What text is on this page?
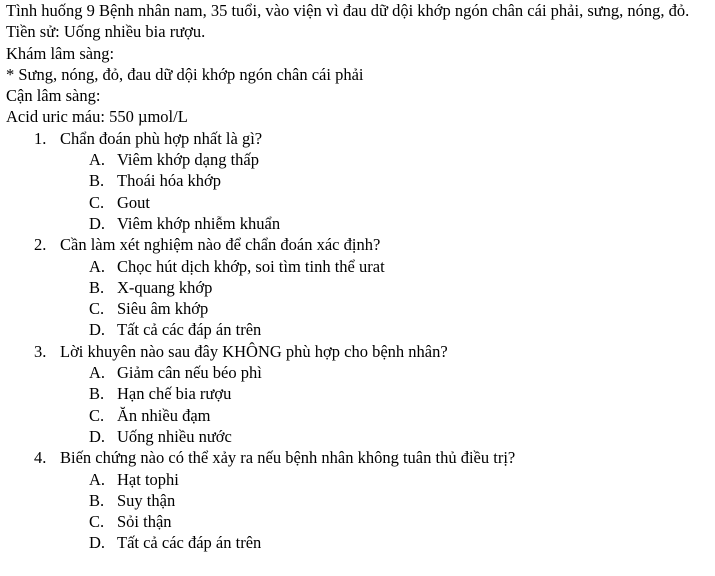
Tình huống 9 Bệnh nhân nam, 35 tuổi, vào viện vì đau dữ dội khớp ngón chân cái phải, sưng, nóng, đỏ.

Tiền sử: Uống nhiều bia rượu.

Khám lâm sàng:

* Sưng, nóng, đỏ, đau dữ dội khớp ngón chân cái phải

Cận lâm sàng:

Acid uric máu: 550 µmol/L

1. Chẩn đoán phù hợp nhất là gì?
A. Viêm khớp dạng thấp
B. Thoái hóa khớp
C. Gout
D. Viêm khớp nhiễm khuẩn
2. Cần làm xét nghiệm nào để chẩn đoán xác định?
A. Chọc hút dịch khớp, soi tìm tinh thể urat
B. X-quang khớp
C. Siêu âm khớp
D. Tất cả các đáp án trên
3. Lời khuyên nào sau đây KHÔNG phù hợp cho bệnh nhân?
A. Giảm cân nếu béo phì
B. Hạn chế bia rượu
C. Ăn nhiều đạm
D. Uống nhiều nước
4. Biến chứng nào có thể xảy ra nếu bệnh nhân không tuân thủ điều trị?
A. Hạt tophi
B. Suy thận
C. Sỏi thận
D. Tất cả các đáp án trên
